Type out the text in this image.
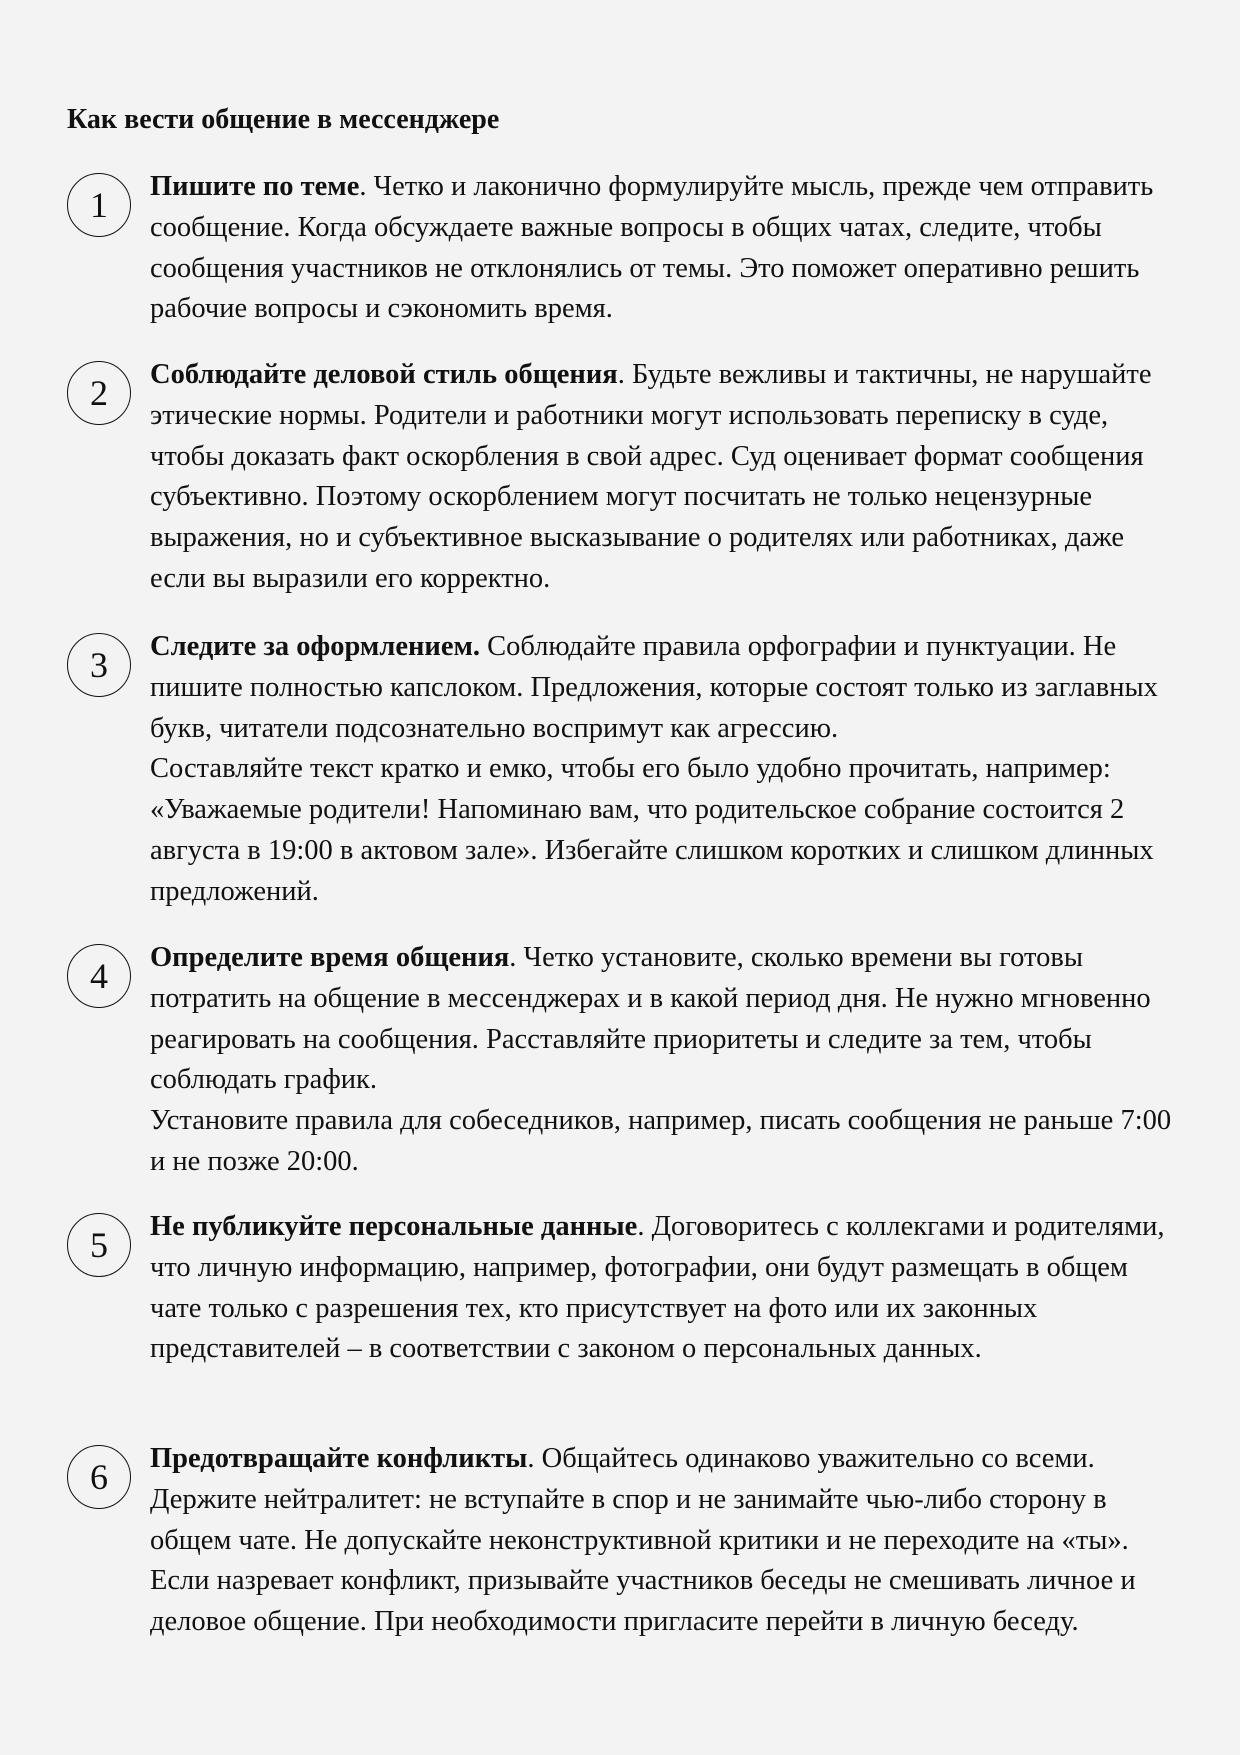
Как вести общение в мессенджере
1	Пишите по теме. Четко и лаконично формулируйте мысль, прежде чем отправить сообщение. Когда обсуждаете важные вопросы в общих чатах, следите, чтобы сообщения участников не отклонялись от темы. Это поможет оперативно решить рабочие вопросы и сэкономить время.

2	Соблюдайте деловой стиль общения. Будьте вежливы и тактичны, не нарушайте этические нормы. Родители и работники могут использовать переписку в суде, чтобы доказать факт оскорбления в свой адрес. Суд оценивает формат сообщения субъективно. Поэтому оскорблением могут посчитать не только нецензурные выражения, но и субъективное высказывание о родителях или работниках, даже если вы выразили его корректно.

3	Следите за оформлением. Соблюдайте правила орфографии и пунктуации. Не пишите полностью капслоком. Предложения, которые состоят только из заглавных букв, читатели подсознательно воспримут как агрессию.

Составляйте текст кратко и емко, чтобы его было удобно прочитать, например: «Уважаемые родители! Напоминаю вам, что родительское собрание состоится 2 августа в 19:00 в актовом зале». Избегайте слишком коротких и слишком длинных предложений.

4	Определите время общения. Четко установите, сколько времени вы готовы потратить на общение в мессенджерах и в какой период дня. Не нужно мгновенно реагировать на сообщения. Расставляйте приоритеты и следите за тем, чтобы соблюдать график.

Установите правила для собеседников, например, писать сообщения не раньше 7:00 и не позже 20:00.

5	Не публикуйте персональные данные. Договоритесь с коллекгами и родителями, что личную информацию, например, фотографии, они будут размещать в общем чате только с разрешения тех, кто присутствует на фото или их законных представителей – в соответствии с законом о персональных данных.

6	Предотвращайте конфликты. Общайтесь одинаково уважительно со всеми. Держите нейтралитет: не вступайте в спор и не занимайте чью-либо сторону в общем чате. Не допускайте неконструктивной критики и не переходите на «ты». Если назревает конфликт, призывайте участников беседы не смешивать личное и деловое общение. При необходимости пригласите перейти в личную беседу.
